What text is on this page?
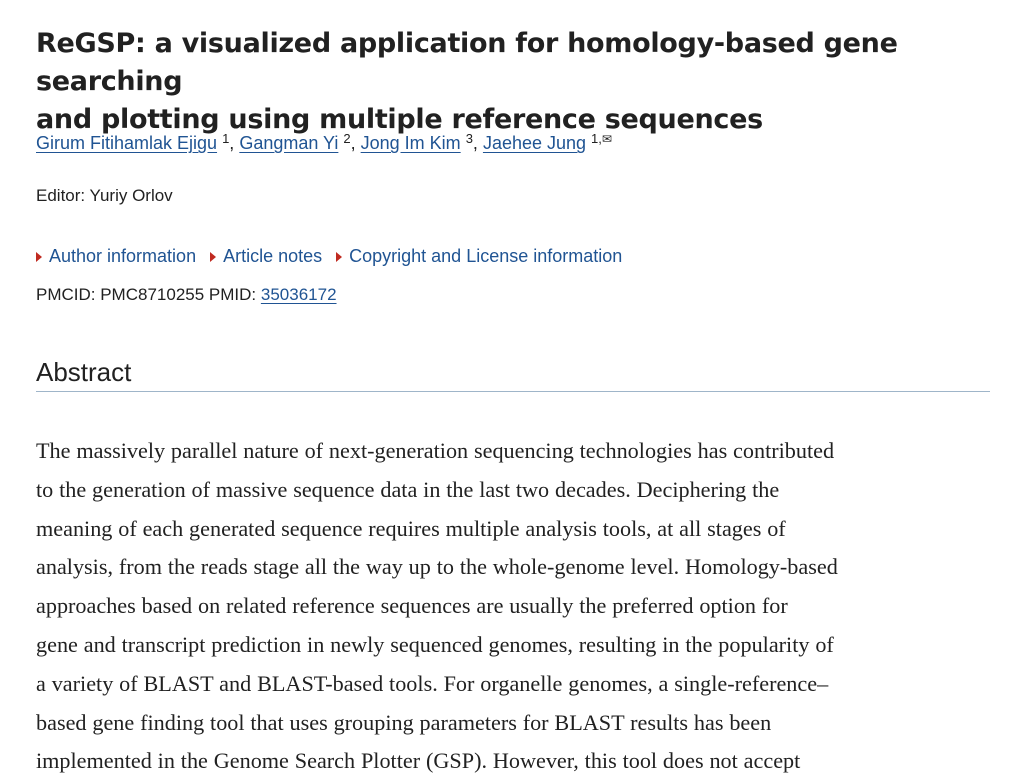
ReGSP: a visualized application for homology-based gene searching
and plotting using multiple reference sequences
Girum Fitihamlak Ejigu $^1$, Gangman Yi $^2$, Jong Im Kim $^3$, Jaehee Jung $^{1,✉}$
Editor: Yuriy Orlov
Author information Article notes Copyright and License information
PMCID: PMC8710255 PMID: 35036172
Abstract

The massively parallel nature of next-generation sequencing technologies has contributed
to the generation of massive sequence data in the last two decades. Deciphering the
meaning of each generated sequence requires multiple analysis tools, at all stages of
analysis, from the reads stage all the way up to the whole-genome level. Homology-based
approaches based on related reference sequences are usually the preferred option for
gene and transcript prediction in newly sequenced genomes, resulting in the popularity of
a variety of BLAST and BLAST-based tools. For organelle genomes, a single-reference–
based gene finding tool that uses grouping parameters for BLAST results has been
implemented in the Genome Search Plotter (GSP). However, this tool does not accept
